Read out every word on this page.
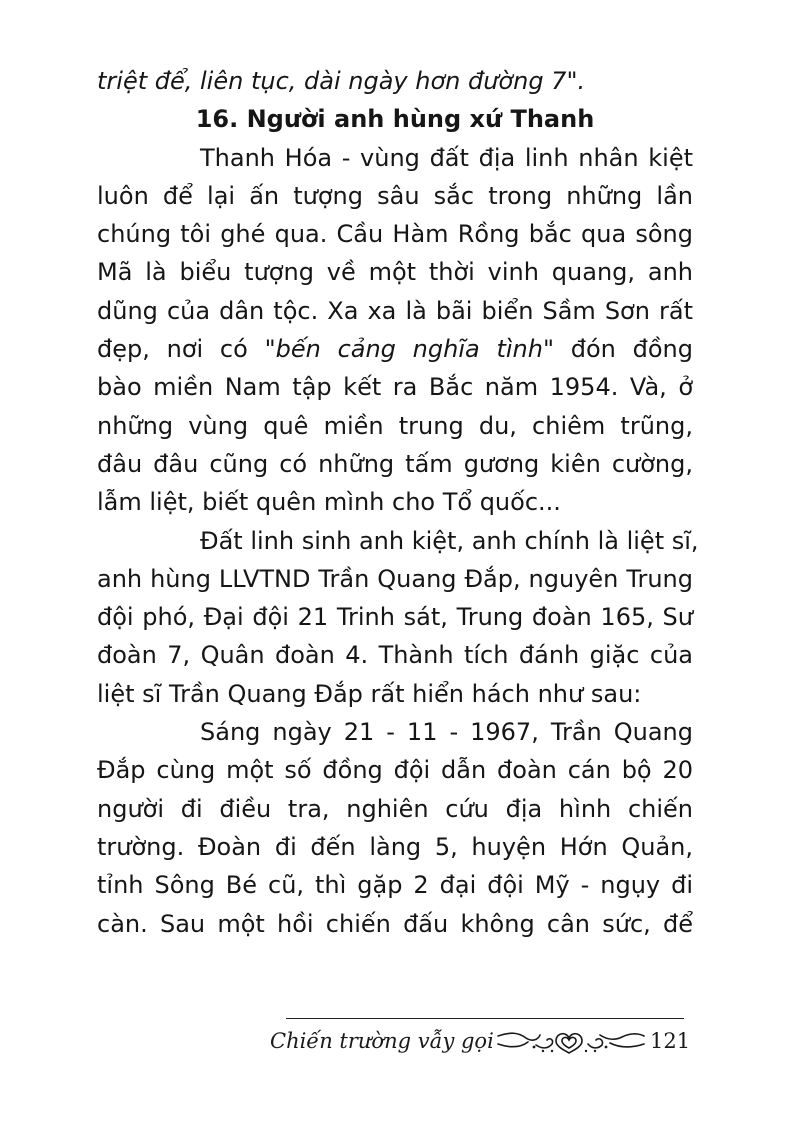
triệt để, liên tục, dài ngày hơn đường 7".
16. Người anh hùng xứ Thanh
Thanh Hóa - vùng đất địa linh nhân kiệt
luôn để lại ấn tượng sâu sắc trong những lần
chúng tôi ghé qua. Cầu Hàm Rồng bắc qua sông
Mã là biểu tượng về một thời vinh quang, anh
dũng của dân tộc. Xa xa là bãi biển Sầm Sơn rất
đẹp, nơi có "bến cảng nghĩa tình" đón đồng
bào miền Nam tập kết ra Bắc năm 1954. Và, ở
những vùng quê miền trung du, chiêm trũng,
đâu đâu cũng có những tấm gương kiên cường,
lẫm liệt, biết quên mình cho Tổ quốc...
Đất linh sinh anh kiệt, anh chính là liệt sĩ,
anh hùng LLVTND Trần Quang Đắp, nguyên Trung
đội phó, Đại đội 21 Trinh sát, Trung đoàn 165, Sư
đoàn 7, Quân đoàn 4. Thành tích đánh giặc của
liệt sĩ Trần Quang Đắp rất hiển hách như sau:
Sáng ngày 21 - 11 - 1967, Trần Quang
Đắp cùng một số đồng đội dẫn đoàn cán bộ 20
người đi điều tra, nghiên cứu địa hình chiến
trường. Đoàn đi đến làng 5, huyện Hớn Quản,
tỉnh Sông Bé cũ, thì gặp 2 đại đội Mỹ - ngụy đi
càn. Sau một hồi chiến đấu không cân sức, để
Chiến trường vẫy gọi	121
